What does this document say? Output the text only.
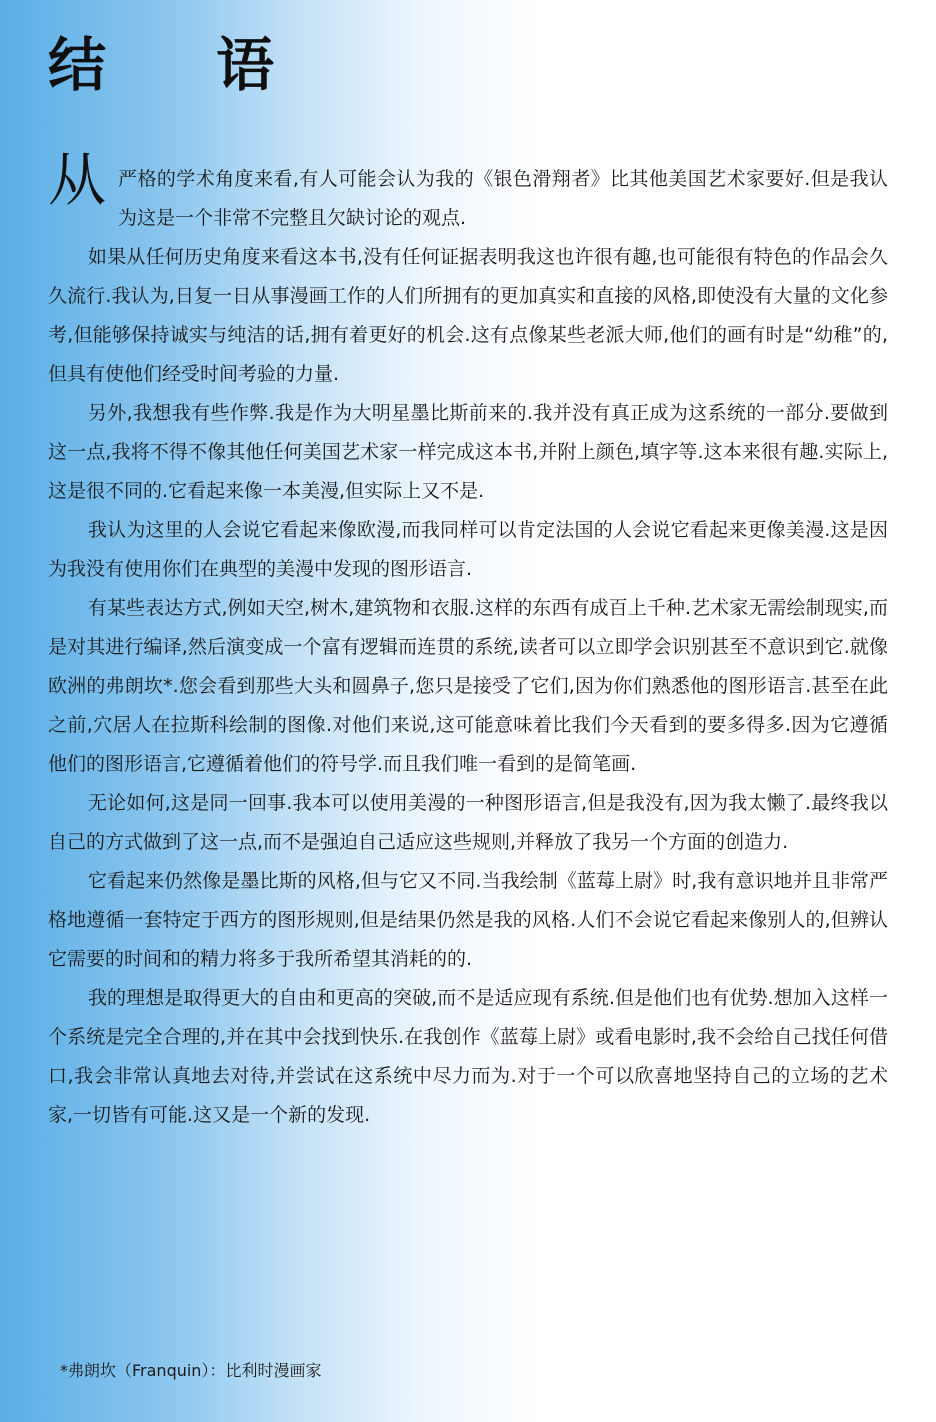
结 语

从严格的学术角度来看,有人可能会认为我的《银色滑翔者》比其他美国艺术家要好.但是我认为这是一个非常不完整且欠缺讨论的观点.

如果从任何历史角度来看这本书,没有任何证据表明我这也许很有趣,也可能很有特色的作品会久久流行.我认为,日复一日从事漫画工作的人们所拥有的更加真实和直接的风格,即使没有大量的文化参考,但能够保持诚实与纯洁的话,拥有着更好的机会.这有点像某些老派大师,他们的画有时是“幼稚”的,但具有使他们经受时间考验的力量.

另外,我想我有些作弊.我是作为大明星墨比斯前来的.我并没有真正成为这系统的一部分.要做到这一点,我将不得不像其他任何美国艺术家一样完成这本书,并附上颜色,填字等.这本来很有趣.实际上,这是很不同的.它看起来像一本美漫,但实际上又不是.

我认为这里的人会说它看起来像欧漫,而我同样可以肯定法国的人会说它看起来更像美漫.这是因为我没有使用你们在典型的美漫中发现的图形语言.

有某些表达方式,例如天空,树木,建筑物和衣服.这样的东西有成百上千种.艺术家无需绘制现实,而是对其进行编译,然后演变成一个富有逻辑而连贯的系统,读者可以立即学会识别甚至不意识到它.就像欧洲的弗朗坎*.您会看到那些大头和圆鼻子,您只是接受了它们,因为你们熟悉他的图形语言.甚至在此之前,穴居人在拉斯科绘制的图像.对他们来说,这可能意味着比我们今天看到的要多得多.因为它遵循他们的图形语言,它遵循着他们的符号学.而且我们唯一看到的是简笔画.

无论如何,这是同一回事.我本可以使用美漫的一种图形语言,但是我没有,因为我太懒了.最终我以自己的方式做到了这一点,而不是强迫自己适应这些规则,并释放了我另一个方面的创造力.

它看起来仍然像是墨比斯的风格,但与它又不同.当我绘制《蓝莓上尉》时,我有意识地并且非常严格地遵循一套特定于西方的图形规则,但是结果仍然是我的风格.人们不会说它看起来像别人的,但辨认它需要的时间和的精力将多于我所希望其消耗的的.

我的理想是取得更大的自由和更高的突破,而不是适应现有系统.但是他们也有优势.想加入这样一个系统是完全合理的,并在其中会找到快乐.在我创作《蓝莓上尉》或看电影时,我不会给自己找任何借口,我会非常认真地去对待,并尝试在这系统中尽力而为.对于一个可以欣喜地坚持自己的立场的艺术家,一切皆有可能.这又是一个新的发现.

*弗朗坎（Franquin）：比利时漫画家
